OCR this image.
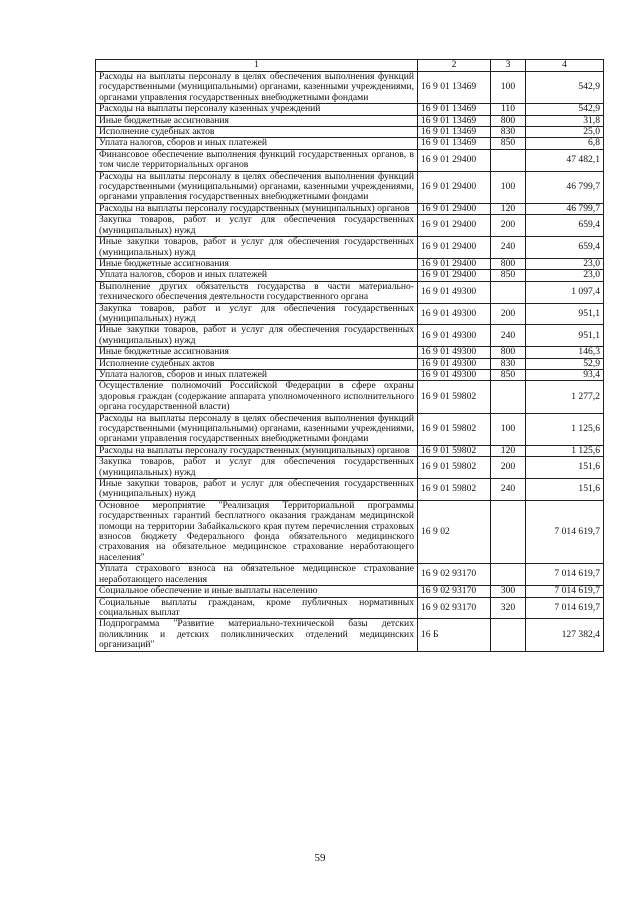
1	2	3	4
Расходы на выплаты персоналу в целях обеспечения выполнения функций государственными (муниципальными) органами, казенными учреждениями, органами управления государственных внебюджетными фондами	16 9 01 13469	100	542,9
Расходы на выплаты персоналу казенных учреждений	16 9 01 13469	110	542,9
Иные бюджетные ассигнования	16 9 01 13469	800	31,8
Исполнение судебных актов	16 9 01 13469	830	25,0
Уплата налогов, сборов и иных платежей	16 9 01 13469	850	6,8
Финансовое обеспечение выполнения функций государственных органов, в том числе территориальных органов	16 9 01 29400		47 482,1
Расходы на выплаты персоналу в целях обеспечения выполнения функций государственными (муниципальными) органами, казенными учреждениями, органами управления государственных внебюджетными фондами	16 9 01 29400	100	46 799,7
Расходы на выплаты персоналу государственных (муниципальных) органов	16 9 01 29400	120	46 799,7
Закупка товаров, работ и услуг для обеспечения государственных (муниципальных) нужд	16 9 01 29400	200	659,4
Иные закупки товаров, работ и услуг для обеспечения государственных (муниципальных) нужд	16 9 01 29400	240	659,4
Иные бюджетные ассигнования	16 9 01 29400	800	23,0
Уплата налогов, сборов и иных платежей	16 9 01 29400	850	23,0
Выполнение других обязательств государства в части материально-технического обеспечения деятельности государственного органа	16 9 01 49300		1 097,4
Закупка товаров, работ и услуг для обеспечения государственных (муниципальных) нужд	16 9 01 49300	200	951,1
Иные закупки товаров, работ и услуг для обеспечения государственных (муниципальных) нужд	16 9 01 49300	240	951,1
Иные бюджетные ассигнования	16 9 01 49300	800	146,3
Исполнение судебных актов	16 9 01 49300	830	52,9
Уплата налогов, сборов и иных платежей	16 9 01 49300	850	93,4
Осуществление полномочий Российской Федерации в сфере охраны здоровья граждан (содержание аппарата уполномоченного исполнительного органа государственной власти)	16 9 01 59802		1 277,2
Расходы на выплаты персоналу в целях обеспечения выполнения функций государственными (муниципальными) органами, казенными учреждениями, органами управления государственных внебюджетными фондами	16 9 01 59802	100	1 125,6
Расходы на выплаты персоналу государственных (муниципальных) органов	16 9 01 59802	120	1 125,6
Закупка товаров, работ и услуг для обеспечения государственных (муниципальных) нужд	16 9 01 59802	200	151,6
Иные закупки товаров, работ и услуг для обеспечения государственных (муниципальных) нужд	16 9 01 59802	240	151,6
Основное мероприятие "Реализация Территориальной программы государственных гарантий бесплатного оказания гражданам медицинской помощи на территории Забайкальского края путем перечисления страховых взносов бюджету Федерального фонда обязательного медицинского страхования на обязательное медицинское страхование неработающего населения"	16 9 02		7 014 619,7
Уплата страхового взноса на обязательное медицинское страхование неработающего населения	16 9 02 93170		7 014 619,7
Социальное обеспечение и иные выплаты населению	16 9 02 93170	300	7 014 619,7
Социальные выплаты гражданам, кроме публичных нормативных социальных выплат	16 9 02 93170	320	7 014 619,7
Подпрограмма "Развитие материально-технической базы детских поликлиник и детских поликлинических отделений медицинских организаций"	16 Б		127 382,4
59
